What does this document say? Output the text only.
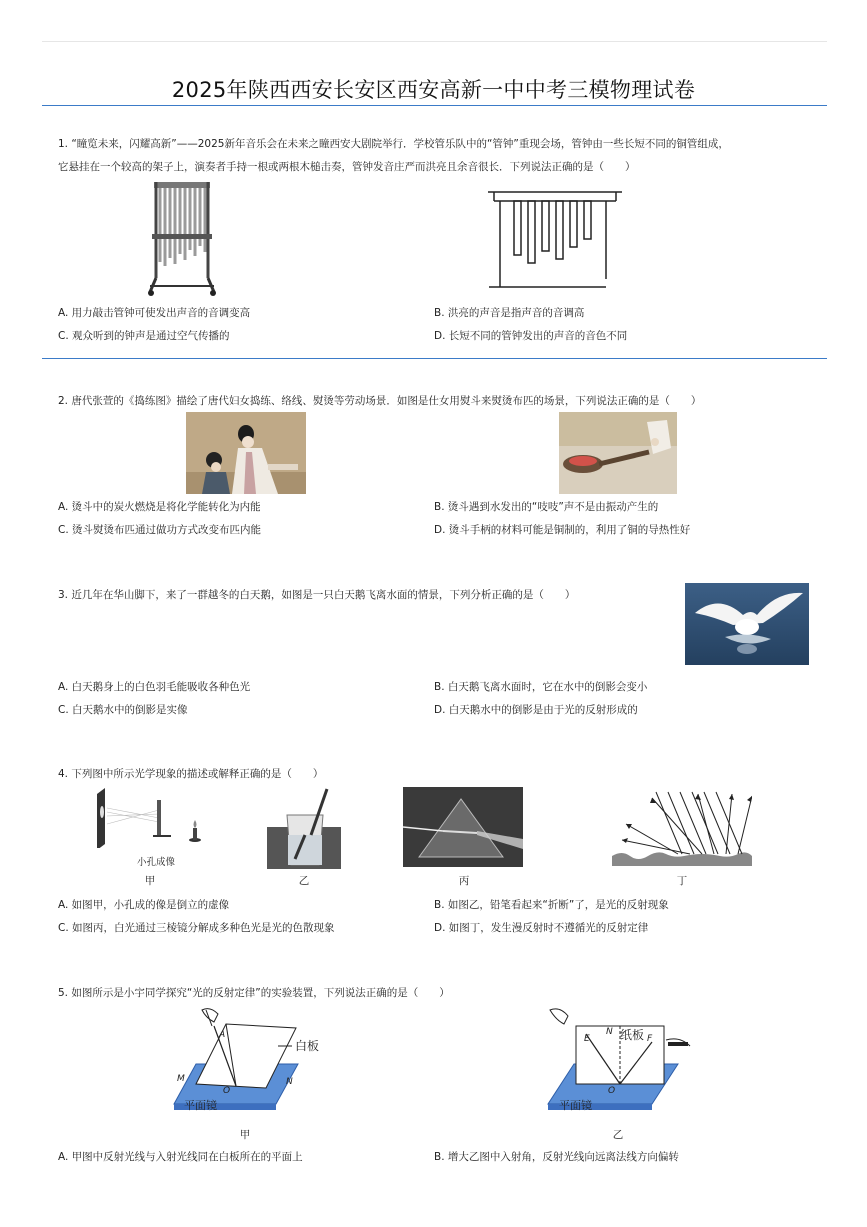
2025年陕西西安长安区西安高新一中中考三模物理试卷
1. “瞳览未来，闪耀高新”——2025新年音乐会在未来之瞳西安大剧院举行．学校管乐队中的“管钟”重现会场，管钟由一些长短不同的铜管组成，
它悬挂在一个较高的架子上，演奏者手持一根或两根木槌击奏，管钟发音庄严而洪亮且余音很长．下列说法正确的是（　　）
A. 用力敲击管钟可使发出声音的音调变高	B. 洪亮的声音是指声音的音调高
C. 观众听到的钟声是通过空气传播的	D. 长短不同的管钟发出的声音的音色不同
2. 唐代张萱的《捣练图》描绘了唐代妇女捣练、络线、熨烫等劳动场景．如图是仕女用熨斗来熨烫布匹的场景，下列说法正确的是（　　）
A. 烫斗中的炭火燃烧是将化学能转化为内能	B. 烫斗遇到水发出的“吱吱”声不是由振动产生的
C. 烫斗熨烫布匹通过做功方式改变布匹内能	D. 烫斗手柄的材料可能是铜制的，利用了铜的导热性好
3. 近几年在华山脚下，来了一群越冬的白天鹅，如图是一只白天鹅飞离水面的情景，下列分析正确的是（　　）
A. 白天鹅身上的白色羽毛能吸收各种色光	B. 白天鹅飞离水面时，它在水中的倒影会变小
C. 白天鹅水中的倒影是实像	D. 白天鹅水中的倒影是由于光的反射形成的
4. 下列图中所示光学现象的描述或解释正确的是（　　）
小孔成像
甲	乙	丙	丁
A. 如图甲，小孔成的像是倒立的虚像	B. 如图乙，铅笔看起来“折断”了，是光的反射现象
C. 如图丙，白光通过三棱镜分解成多种色光是光的色散现象	D. 如图丁，发生漫反射时不遵循光的反射定律
5. 如图所示是小宇同学探究“光的反射定律”的实验装置，下列说法正确的是（　　）
A
白板
M
O
N
平面镜
甲
E
N 纸板 F
O
平面镜
乙
A. 甲图中反射光线与入射光线同在白板所在的平面上	B. 增大乙图中入射角，反射光线向远离法线方向偏转
